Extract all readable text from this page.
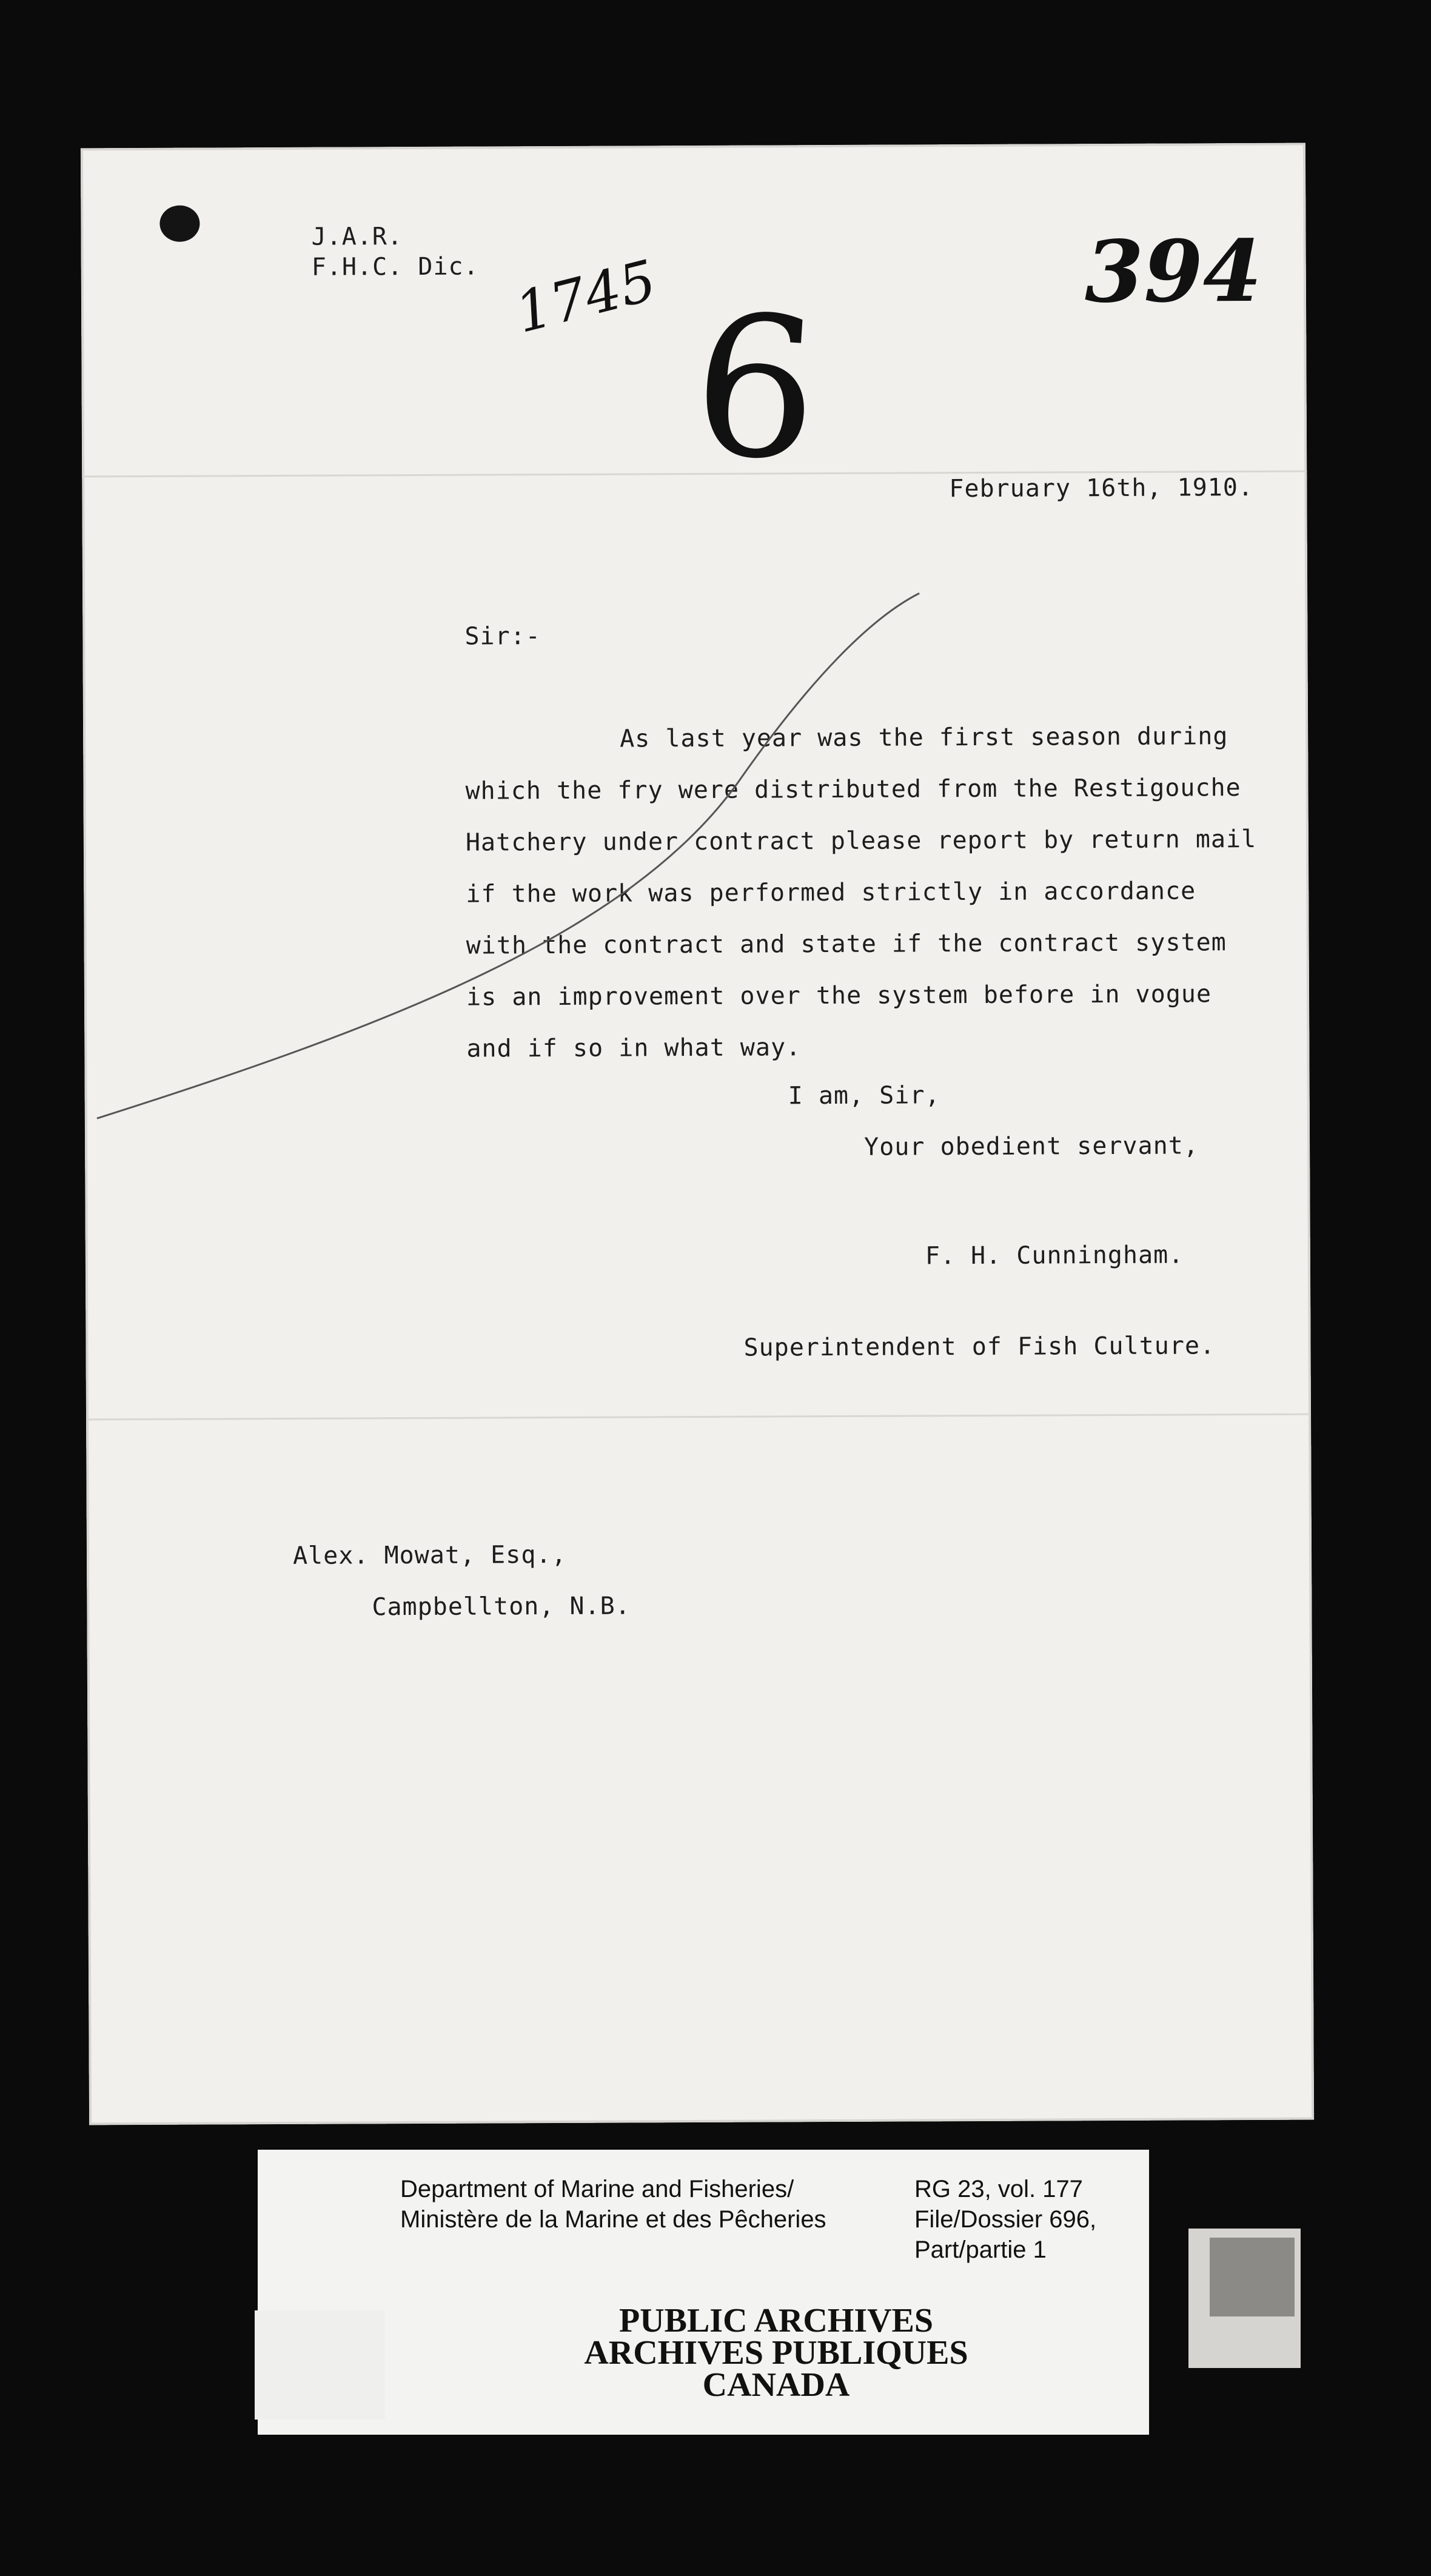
J.A.R.
F.H.C. Dic. 1745 6	394
February 16th, 1910.
Sir:-
As last year was the first season during
which the fry were distributed from the Restigouche
Hatchery under contract please report by return mail
if the work was performed strictly in accordance
with the contract and state if the contract system
is an improvement over the system before in vogue
and if so in what way.
I am, Sir,
Your obedient servant,
F. H. Cunningham.
Superintendent of Fish Culture.
Alex. Mowat, Esq.,
Campbellton, N.B.
Department of Marine and Fisheries/
Ministère de la Marine et des Pêcheries
RG 23, vol. 177
File/Dossier 696,
Part/partie 1
PUBLIC ARCHIVES
ARCHIVES PUBLIQUES
CANADA
